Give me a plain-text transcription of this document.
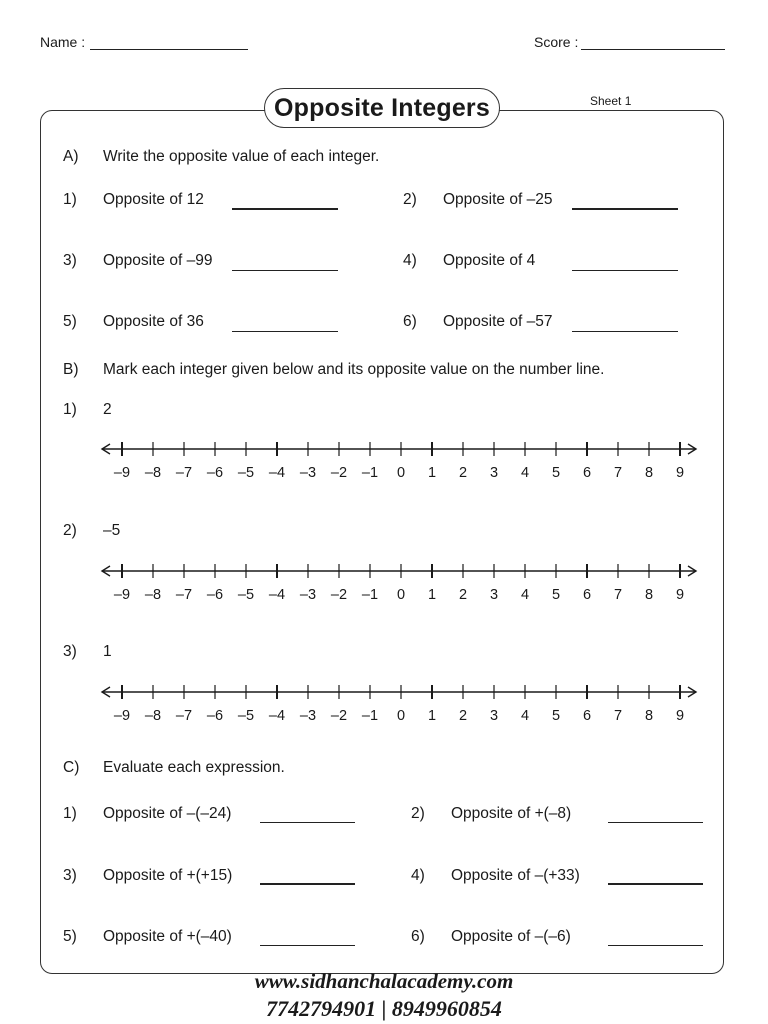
Name :	Score :
Opposite Integers	Sheet 1
A) Write the opposite value of each integer.
1) Opposite of 12	2) Opposite of –25
3) Opposite of –99	4) Opposite of 4
5) Opposite of 36	6) Opposite of –57
B) Mark each integer given below and its opposite value on the number line.
1) 2
–9 –8 –7 –6 –5 –4 –3 –2 –1 0 1 2 3 4 5 6 7 8 9
2) –5
–9 –8 –7 –6 –5 –4 –3 –2 –1 0 1 2 3 4 5 6 7 8 9
3) 1
–9 –8 –7 –6 –5 –4 –3 –2 –1 0 1 2 3 4 5 6 7 8 9
C) Evaluate each expression.
1) Opposite of –(–24)	2) Opposite of +(–8)
3) Opposite of +(+15)	4) Opposite of –(+33)
5) Opposite of +(–40)	6) Opposite of –(–6)
www.sidhanchalacademy.com
7742794901 | 8949960854
